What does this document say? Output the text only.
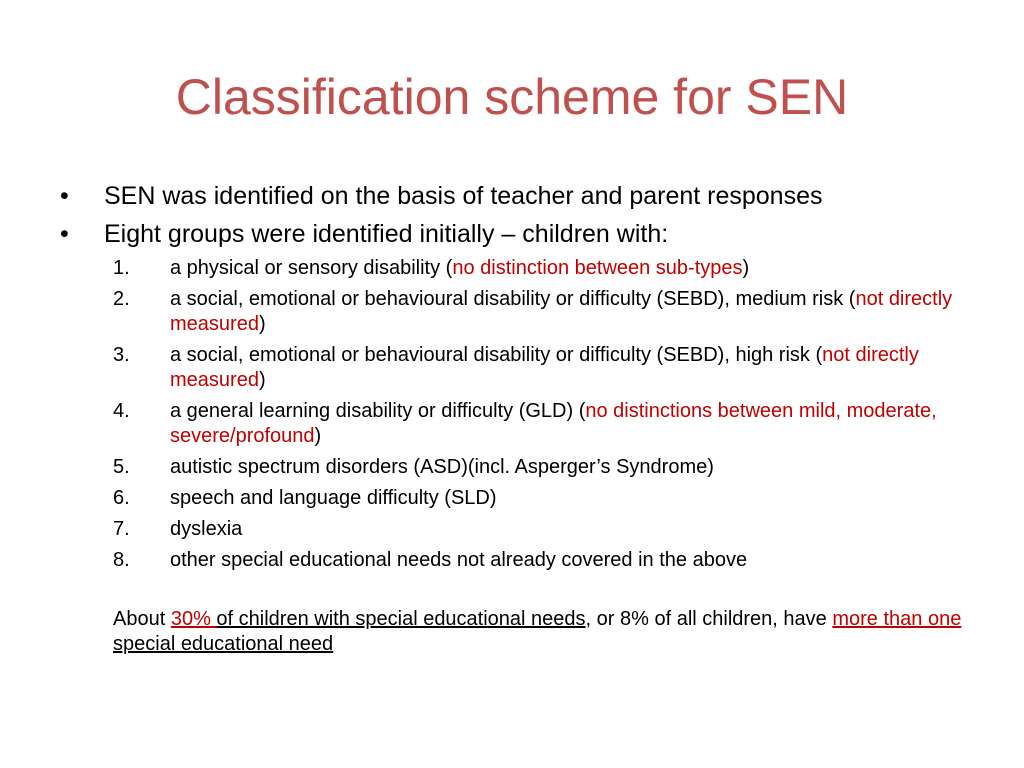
Classification scheme for SEN
•	SEN was identified on the basis of teacher and parent responses
•	Eight groups were identified initially – children with:
1.	a physical or sensory disability (no distinction between sub-types)
2.	a social, emotional or behavioural disability or difficulty (SEBD), medium risk (not directly measured)
3.	a social, emotional or behavioural disability or difficulty (SEBD), high risk (not directly measured)
4.	a general learning disability or difficulty (GLD) (no distinctions between mild, moderate, severe/profound)
5.	autistic spectrum disorders (ASD)(incl. Asperger’s Syndrome)
6.	speech and language difficulty (SLD)
7.	dyslexia
8.	other special educational needs not already covered in the above
About 30% of children with special educational needs, or 8% of all children, have more than one special educational need
